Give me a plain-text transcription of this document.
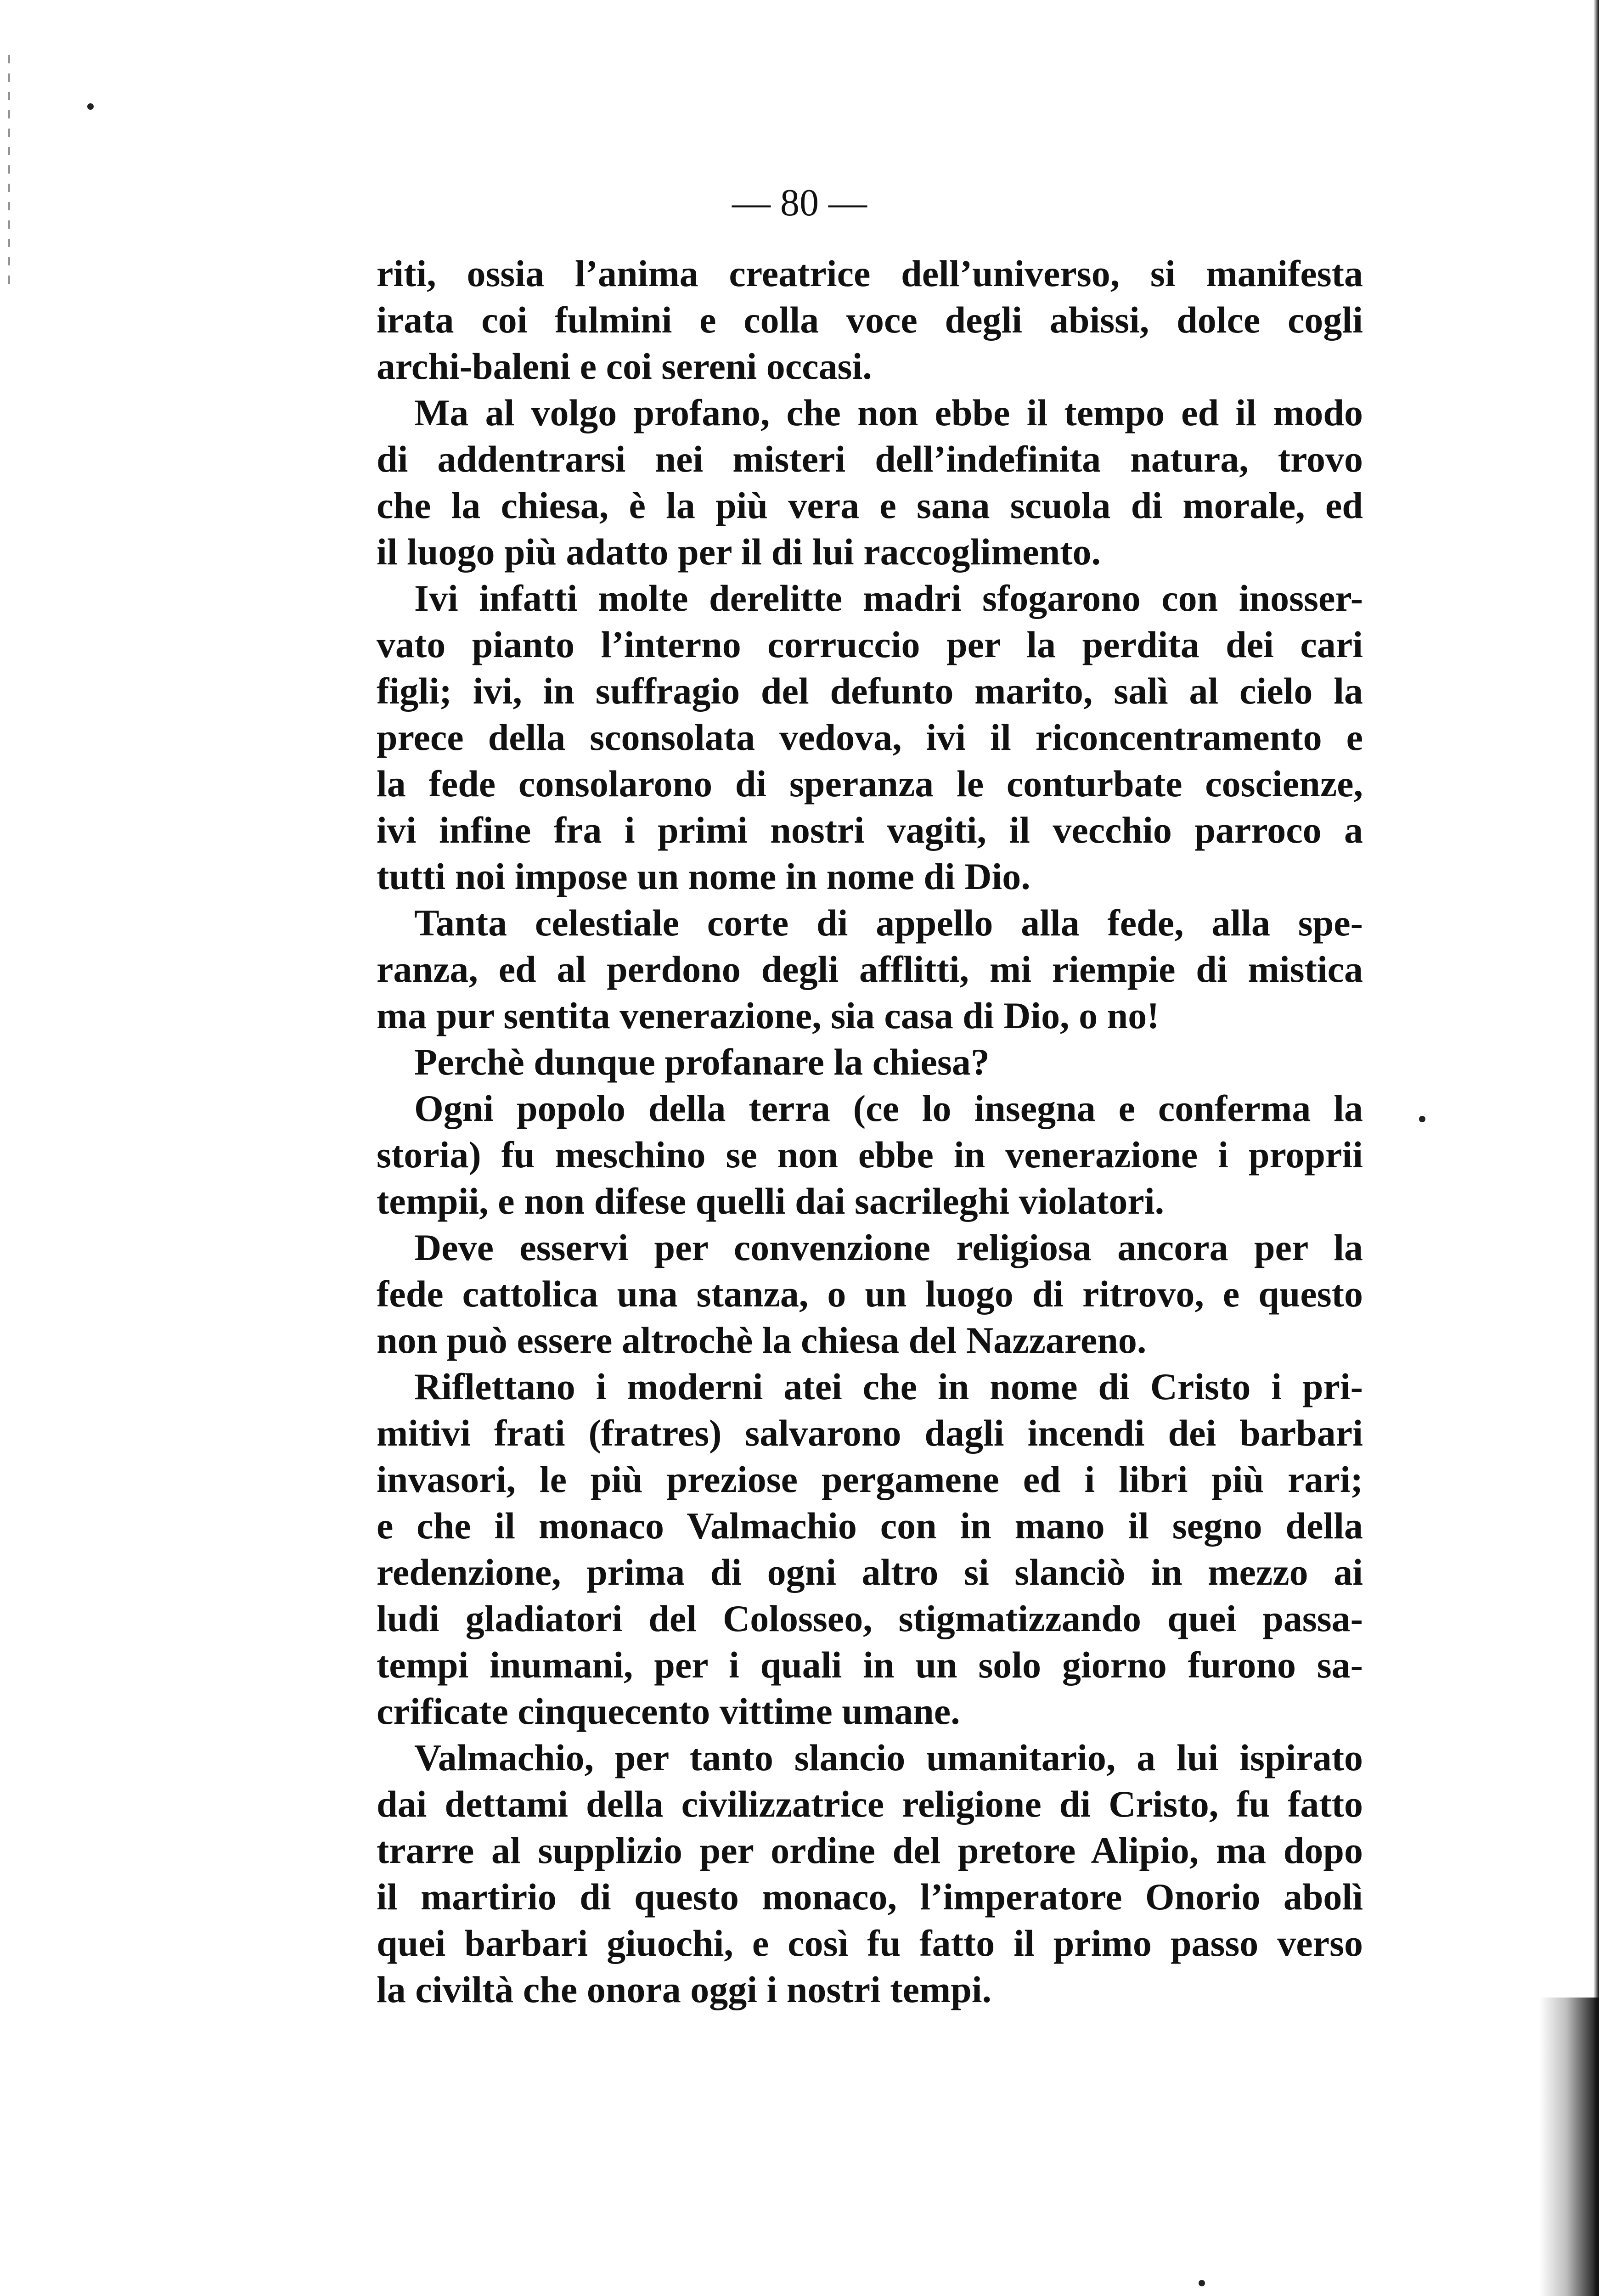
— 80 —
riti, ossia l’anima creatrice dell’universo, si manifesta
irata coi fulmini e colla voce degli abissi, dolce cogli
archi-baleni e coi sereni occasi.
Ma al volgo profano, che non ebbe il tempo ed il modo
di addentrarsi nei misteri dell’indefinita natura, trovo
che la chiesa, è la più vera e sana scuola di morale, ed
il luogo più adatto per il di lui raccoglimento.
Ivi infatti molte derelitte madri sfogarono con inosser-
vato pianto l’interno corruccio per la perdita dei cari
figli; ivi, in suffragio del defunto marito, salì al cielo la
prece della sconsolata vedova, ivi il riconcentramento e
la fede consolarono di speranza le conturbate coscienze,
ivi infine fra i primi nostri vagiti, il vecchio parroco a
tutti noi impose un nome in nome di Dio.
Tanta celestiale corte di appello alla fede, alla spe-
ranza, ed al perdono degli afflitti, mi riempie di mistica
ma pur sentita venerazione, sia casa di Dio, o no!
Perchè dunque profanare la chiesa?
Ogni popolo della terra (ce lo insegna e conferma la
storia) fu meschino se non ebbe in venerazione i proprii
tempii, e non difese quelli dai sacrileghi violatori.
Deve esservi per convenzione religiosa ancora per la
fede cattolica una stanza, o un luogo di ritrovo, e questo
non può essere altrochè la chiesa del Nazzareno.
Riflettano i moderni atei che in nome di Cristo i pri-
mitivi frati (fratres) salvarono dagli incendi dei barbari
invasori, le più preziose pergamene ed i libri più rari;
e che il monaco Valmachio con in mano il segno della
redenzione, prima di ogni altro si slanciò in mezzo ai
ludi gladiatori del Colosseo, stigmatizzando quei passa-
tempi inumani, per i quali in un solo giorno furono sa-
crificate cinquecento vittime umane.
Valmachio, per tanto slancio umanitario, a lui ispirato
dai dettami della civilizzatrice religione di Cristo, fu fatto
trarre al supplizio per ordine del pretore Alipio, ma dopo
il martirio di questo monaco, l’imperatore Onorio abolì
quei barbari giuochi, e così fu fatto il primo passo verso
la civiltà che onora oggi i nostri tempi.
